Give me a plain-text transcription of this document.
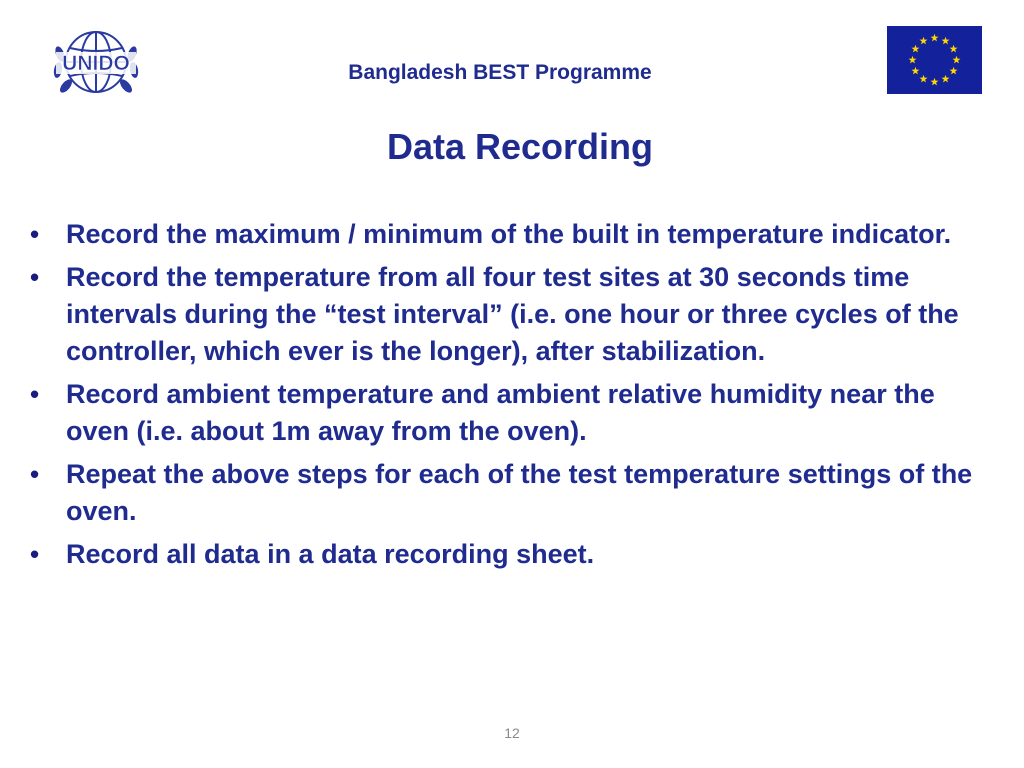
UNIDO	Bangladesh BEST Programme
Data Recording
• Record the maximum / minimum of the built in temperature indicator.
• Record the temperature from all four test sites at 30 seconds time intervals during the “test interval” (i.e. one hour or three cycles of the controller, which ever is the longer), after stabilization.
• Record ambient temperature and ambient relative humidity near the oven (i.e. about 1m away from the oven).
• Repeat the above steps for each of the test temperature settings of the oven.
• Record all data in a data recording sheet.
12
